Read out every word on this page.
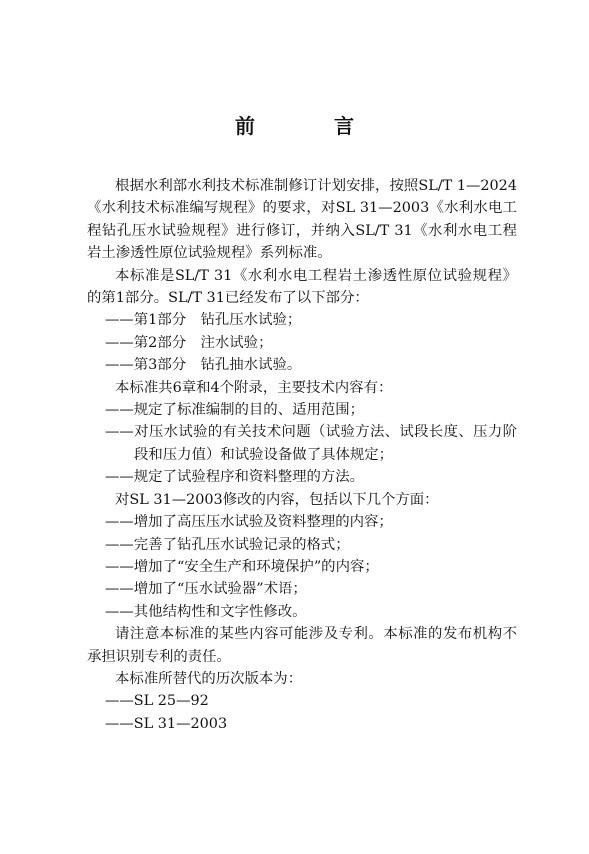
前 言

根据水利部水利技术标准制修订计划安排，按照SL/T 1—2024《水利技术标准编写规程》的要求，对SL 31—2003《水利水电工程钻孔压水试验规程》进行修订，并纳入SL/T 31《水利水电工程岩土渗透性原位试验规程》系列标准。

本标准是SL/T 31《水利水电工程岩土渗透性原位试验规程》的第1部分。SL/T 31已经发布了以下部分：

——第1部分　钻孔压水试验；

——第2部分　注水试验；

——第3部分　钻孔抽水试验。

本标准共6章和4个附录，主要技术内容有：

——规定了标准编制的目的、适用范围；

——对压水试验的有关技术问题（试验方法、试段长度、压力阶段和压力值）和试验设备做了具体规定；

——规定了试验程序和资料整理的方法。

对SL 31—2003修改的内容，包括以下几个方面：

——增加了高压压水试验及资料整理的内容；

——完善了钻孔压水试验记录的格式；

——增加了“安全生产和环境保护”的内容；

——增加了“压水试验器”术语；

——其他结构性和文字性修改。

请注意本标准的某些内容可能涉及专利。本标准的发布机构不承担识别专利的责任。

本标准所替代的历次版本为：

——SL 25—92

——SL 31—2003
